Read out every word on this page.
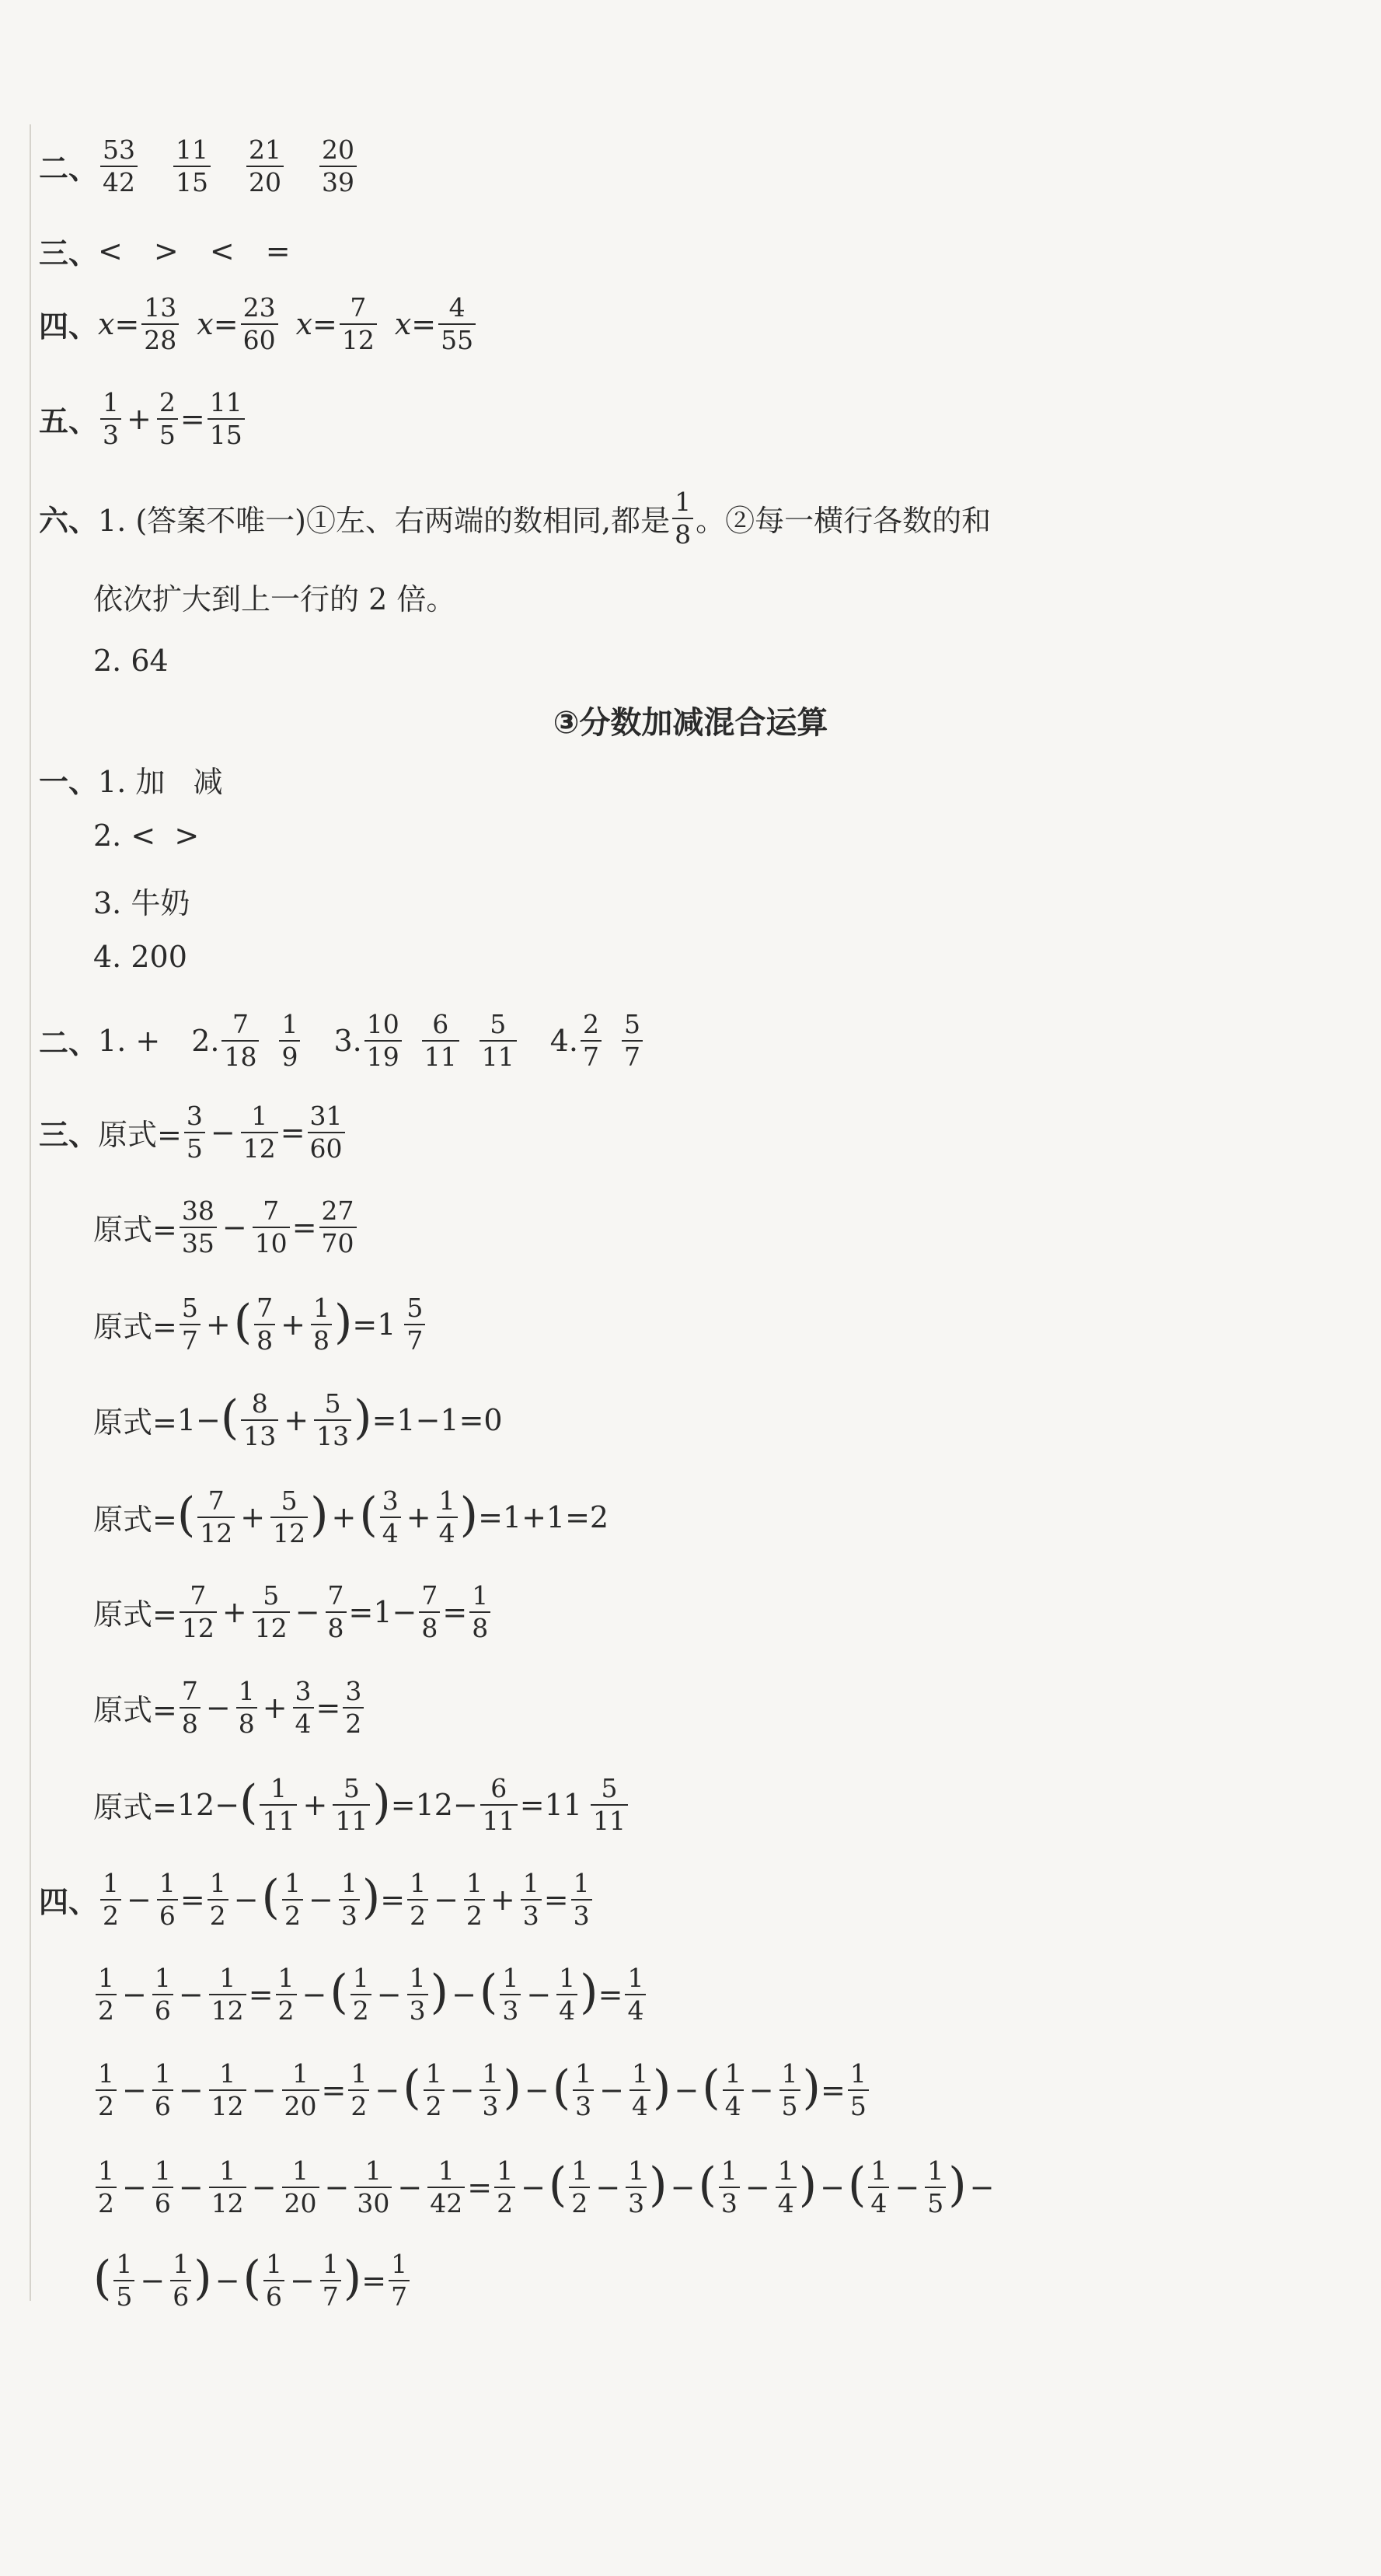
二、 $\frac{53}{42} \frac{11}{15} \frac{21}{20} \frac{20}{39}$
三、 < > < =
四、 $x= \frac{13}{28} x= \frac{23}{60} x= \frac{7}{12} x= \frac{4}{55}$
五、 $\frac{1}{3} + \frac{2}{5} = \frac{11}{15}$
六、 1. (答案不唯一)①左、右两端的数相同,都是 $\frac{1}{8}$ 。②每一横行各数的和
依次扩大到上一行的 2 倍。
2. 64
③分数加减混合运算
一、 1. 加   减
2. <  >
3. 牛奶
4. 200
二、 1. + 2. $\frac{7}{18} \frac{1}{9} 3$. $\frac{10}{19} \frac{6}{11} \frac{5}{11} 4$. $\frac{2}{7} \frac{5}{7}$
三、 原式= $\frac{3}{5} - \frac{1}{12} = \frac{31}{60}$
原式= $\frac{38}{35} - \frac{7}{10} = \frac{27}{70}$
原式= $\frac{5}{7}$ + ( $\frac{7}{8} + \frac{1}{8}$ ) = $1 \frac{5}{7}$
原式= 1− ( $\frac{8}{13} + \frac{5}{13}$ ) =1−1=0
原式= ( $\frac{7}{12} + \frac{5}{12}$ ) + ( $\frac{3}{4} + \frac{1}{4}$ ) =1+1=2
原式= $\frac{7}{12} + \frac{5}{12} - \frac{7}{8} =1- \frac{7}{8} = \frac{1}{8}$
原式= $\frac{7}{8} - \frac{1}{8} + \frac{3}{4} = \frac{3}{2}$
原式= 12− ( $\frac{1}{11} + \frac{5}{11}$ ) $=12- \frac{6}{11} =11 \frac{5}{11}$
四、 $\frac{1}{2} - \frac{1}{6} = \frac{1}{2}$ − ( $\frac{1}{2} - \frac{1}{3}$ ) = $\frac{1}{2} - \frac{1}{2} + \frac{1}{3} = \frac{1}{3}$
$\frac{1}{2} - \frac{1}{6} - \frac{1}{12} = \frac{1}{2}$ − ( $\frac{1}{2} - \frac{1}{3}$ ) − ( $\frac{1}{3} - \frac{1}{4}$ ) = $\frac{1}{4}$
$\frac{1}{2} - \frac{1}{6} - \frac{1}{12} - \frac{1}{20} = \frac{1}{2}$ − ( $\frac{1}{2} - \frac{1}{3}$ ) − ( $\frac{1}{3} - \frac{1}{4}$ ) − ( $\frac{1}{4} - \frac{1}{5}$ ) = $\frac{1}{5}$
$\frac{1}{2} - \frac{1}{6} - \frac{1}{12} - \frac{1}{20} - \frac{1}{30} - \frac{1}{42} = \frac{1}{2}$ − ( $\frac{1}{2} - \frac{1}{3}$ ) − ( $\frac{1}{3} - \frac{1}{4}$ ) − ( $\frac{1}{4} - \frac{1}{5}$ ) −
( $\frac{1}{5} - \frac{1}{6}$ ) − ( $\frac{1}{6} - \frac{1}{7}$ ) = $\frac{1}{7}$
